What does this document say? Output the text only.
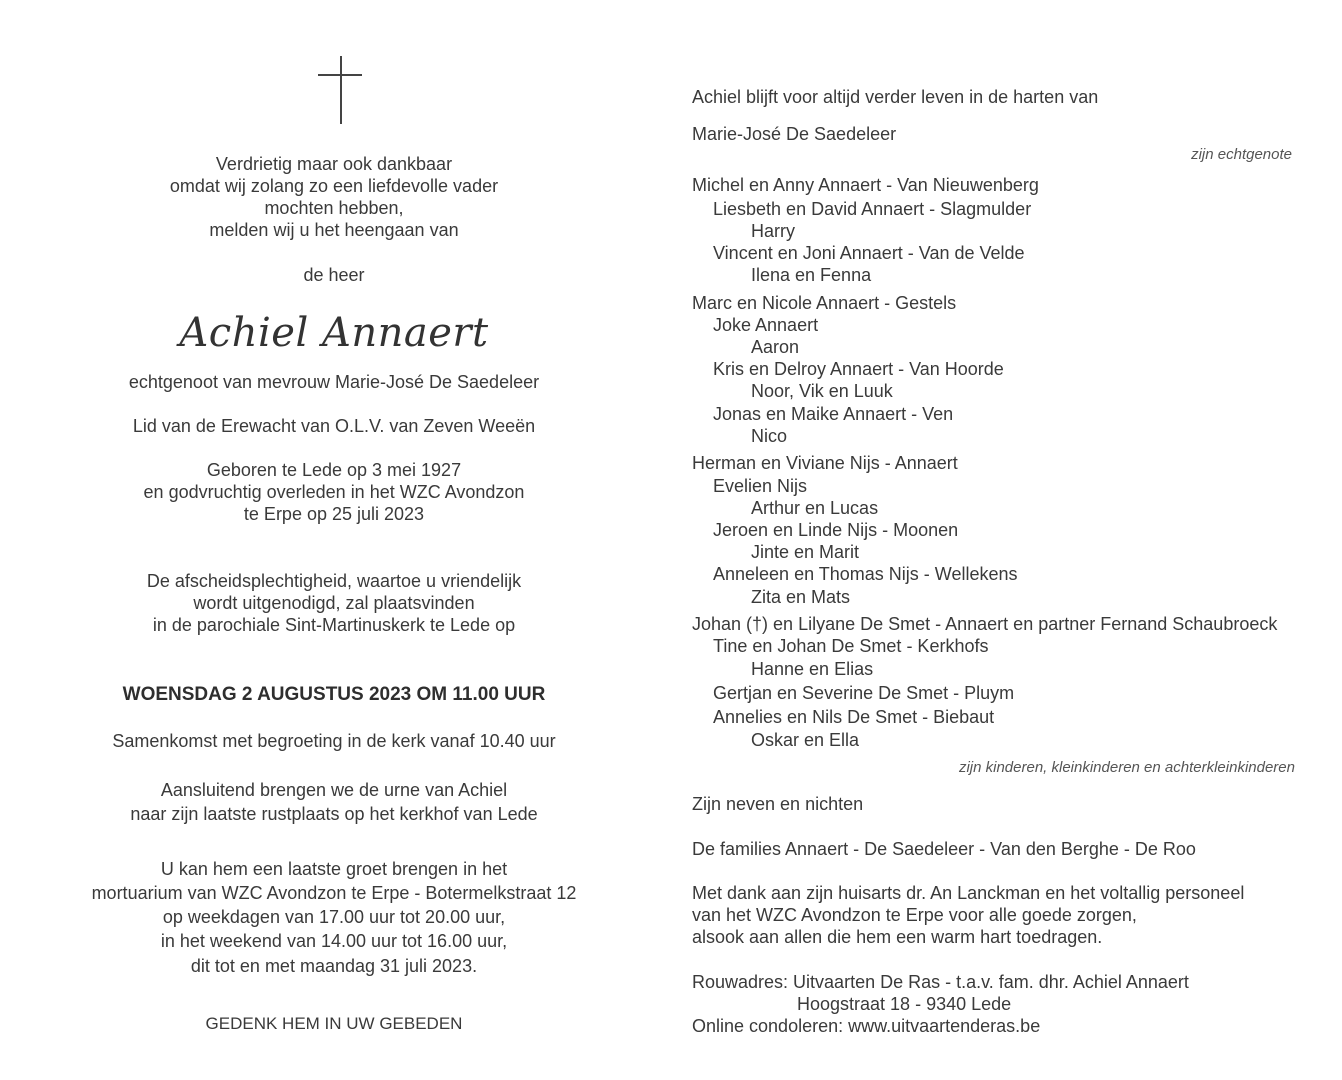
Verdrietig maar ook dankbaar
omdat wij zolang zo een liefdevolle vader
mochten hebben,
melden wij u het heengaan van
de heer
Achiel Annaert
echtgenoot van mevrouw Marie-José De Saedeleer
Lid van de Erewacht van O.L.V. van Zeven Weeën
Geboren te Lede op 3 mei 1927
en godvruchtig overleden in het WZC Avondzon
te Erpe op 25 juli 2023
De afscheidsplechtigheid, waartoe u vriendelijk
wordt uitgenodigd, zal plaatsvinden
in de parochiale Sint-Martinuskerk te Lede op
WOENSDAG 2 AUGUSTUS 2023 OM 11.00 UUR
Samenkomst met begroeting in de kerk vanaf 10.40 uur
Aansluitend brengen we de urne van Achiel
naar zijn laatste rustplaats op het kerkhof van Lede
U kan hem een laatste groet brengen in het
mortuarium van WZC Avondzon te Erpe - Botermelkstraat 12
op weekdagen van 17.00 uur tot 20.00 uur,
in het weekend van 14.00 uur tot 16.00 uur,
dit tot en met maandag 31 juli 2023.
GEDENK HEM IN UW GEBEDEN
Achiel blijft voor altijd verder leven in de harten van
Marie-José De Saedeleer
zijn echtgenote
Michel en Anny Annaert - Van Nieuwenberg
Liesbeth en David Annaert - Slagmulder
Harry
Vincent en Joni Annaert - Van de Velde
Ilena en Fenna
Marc en Nicole Annaert - Gestels
Joke Annaert
Aaron
Kris en Delroy Annaert - Van Hoorde
Noor, Vik en Luuk
Jonas en Maike Annaert - Ven
Nico
Herman en Viviane Nijs - Annaert
Evelien Nijs
Arthur en Lucas
Jeroen en Linde Nijs - Moonen
Jinte en Marit
Anneleen en Thomas Nijs - Wellekens
Zita en Mats
Johan (†) en Lilyane De Smet - Annaert en partner Fernand Schaubroeck
Tine en Johan De Smet - Kerkhofs
Hanne en Elias
Gertjan en Severine De Smet - Pluym
Annelies en Nils De Smet - Biebaut
Oskar en Ella
zijn kinderen, kleinkinderen en achterkleinkinderen
Zijn neven en nichten
De families Annaert - De Saedeleer - Van den Berghe - De Roo
Met dank aan zijn huisarts dr. An Lanckman en het voltallig personeel
van het WZC Avondzon te Erpe voor alle goede zorgen,
alsook aan allen die hem een warm hart toedragen.
Rouwadres: Uitvaarten De Ras - t.a.v. fam. dhr. Achiel Annaert
Hoogstraat 18 - 9340 Lede
Online condoleren: www.uitvaartenderas.be
